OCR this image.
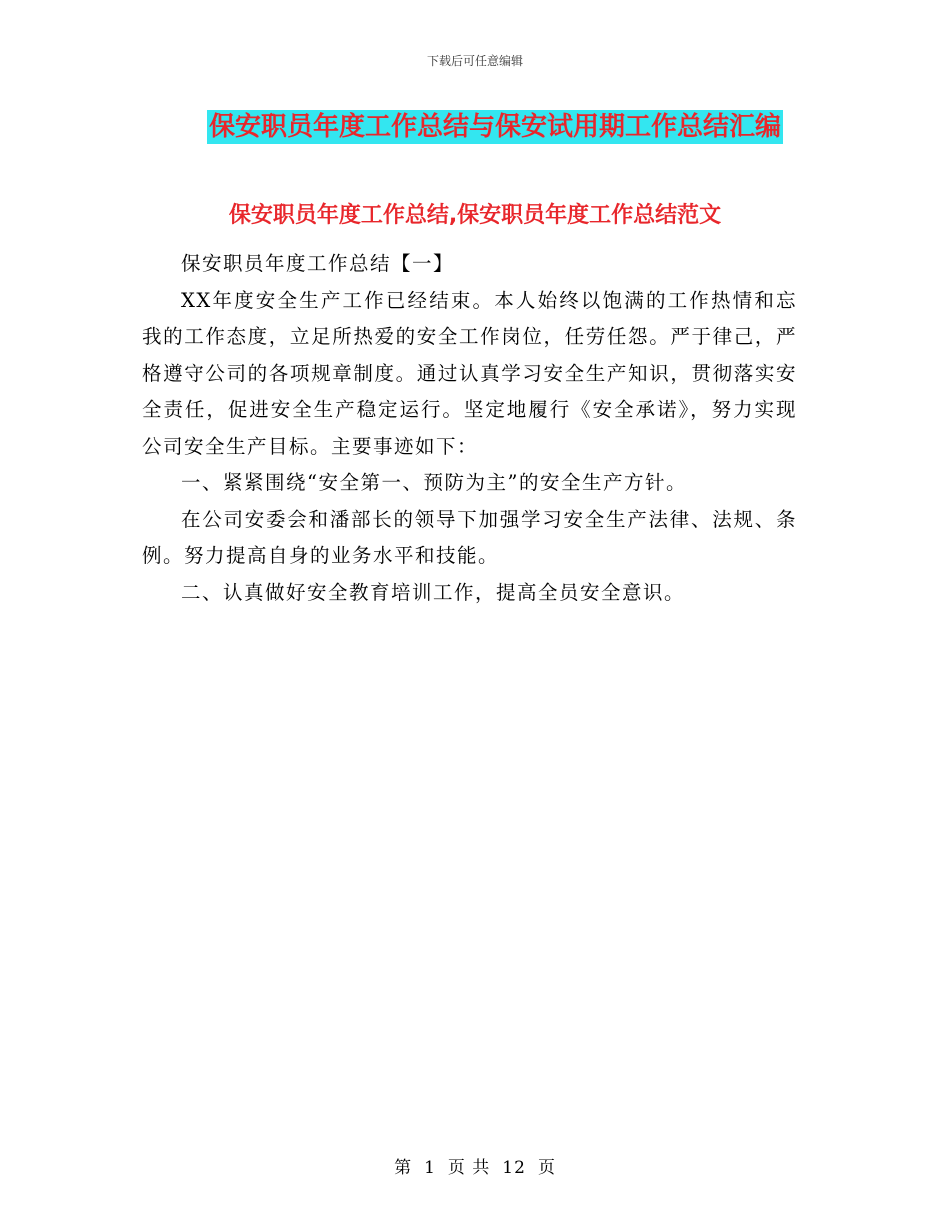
下载后可任意编辑
保安职员年度工作总结与保安试用期工作总结汇编
保安职员年度工作总结,保安职员年度工作总结范文

保安职员年度工作总结【一】

XX年度安全生产工作已经结束。本人始终以饱满的工作热情和忘我的工作态度，立足所热爱的安全工作岗位，任劳任怨。严于律己，严格遵守公司的各项规章制度。通过认真学习安全生产知识，贯彻落实安全责任，促进安全生产稳定运行。坚定地履行《安全承诺》，努力实现公司安全生产目标。主要事迹如下：

一、紧紧围绕“安全第一、预防为主”的安全生产方针。

在公司安委会和潘部长的领导下加强学习安全生产法律、法规、条例。努力提高自身的业务水平和技能。

二、认真做好安全教育培训工作，提高全员安全意识。

第 1 页 共 12 页
